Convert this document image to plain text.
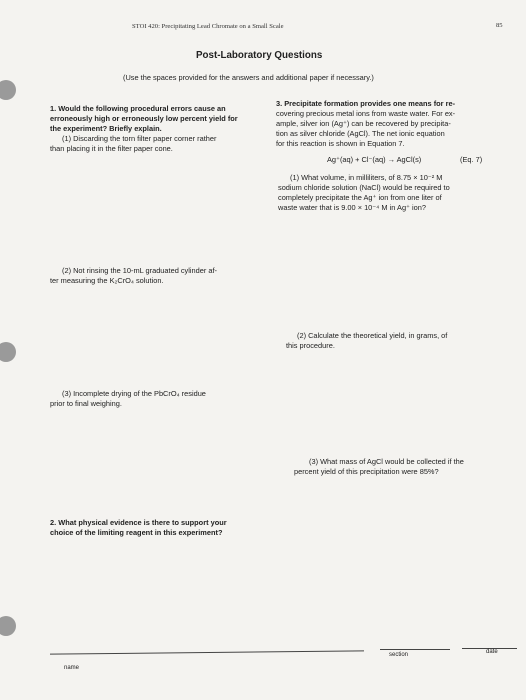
STOI 420: Precipitating Lead Chromate on a Small Scale	85
Post-Laboratory Questions
(Use the spaces provided for the answers and additional paper if necessary.)
1. Would the following procedural errors cause an
erroneously high or erroneously low percent yield for
the experiment? Briefly explain.
(1) Discarding the torn filter paper corner rather
than placing it in the filter paper cone.
(2) Not rinsing the 10-mL graduated cylinder af-
ter measuring the K₂CrO₄ solution.
(3) Incomplete drying of the PbCrO₄ residue
prior to final weighing.
2. What physical evidence is there to support your
choice of the limiting reagent in this experiment?
3. Precipitate formation provides one means for re-
covering precious metal ions from waste water. For ex-
ample, silver ion (Ag⁺) can be recovered by precipita-
tion as silver chloride (AgCl). The net ionic equation
for this reaction is shown in Equation 7.
Ag⁺(aq) + Cl⁻(aq) → AgCl(s)	(Eq. 7)
(1) What volume, in milliliters, of 8.75 × 10⁻² M
sodium chloride solution (NaCl) would be required to
completely precipitate the Ag⁺ ion from one liter of
waste water that is 9.00 × 10⁻⁴ M in Ag⁺ ion?
(2) Calculate the theoretical yield, in grams, of
this procedure.
(3) What mass of AgCl would be collected if the
percent yield of this precipitation were 85%?
name
section	date
